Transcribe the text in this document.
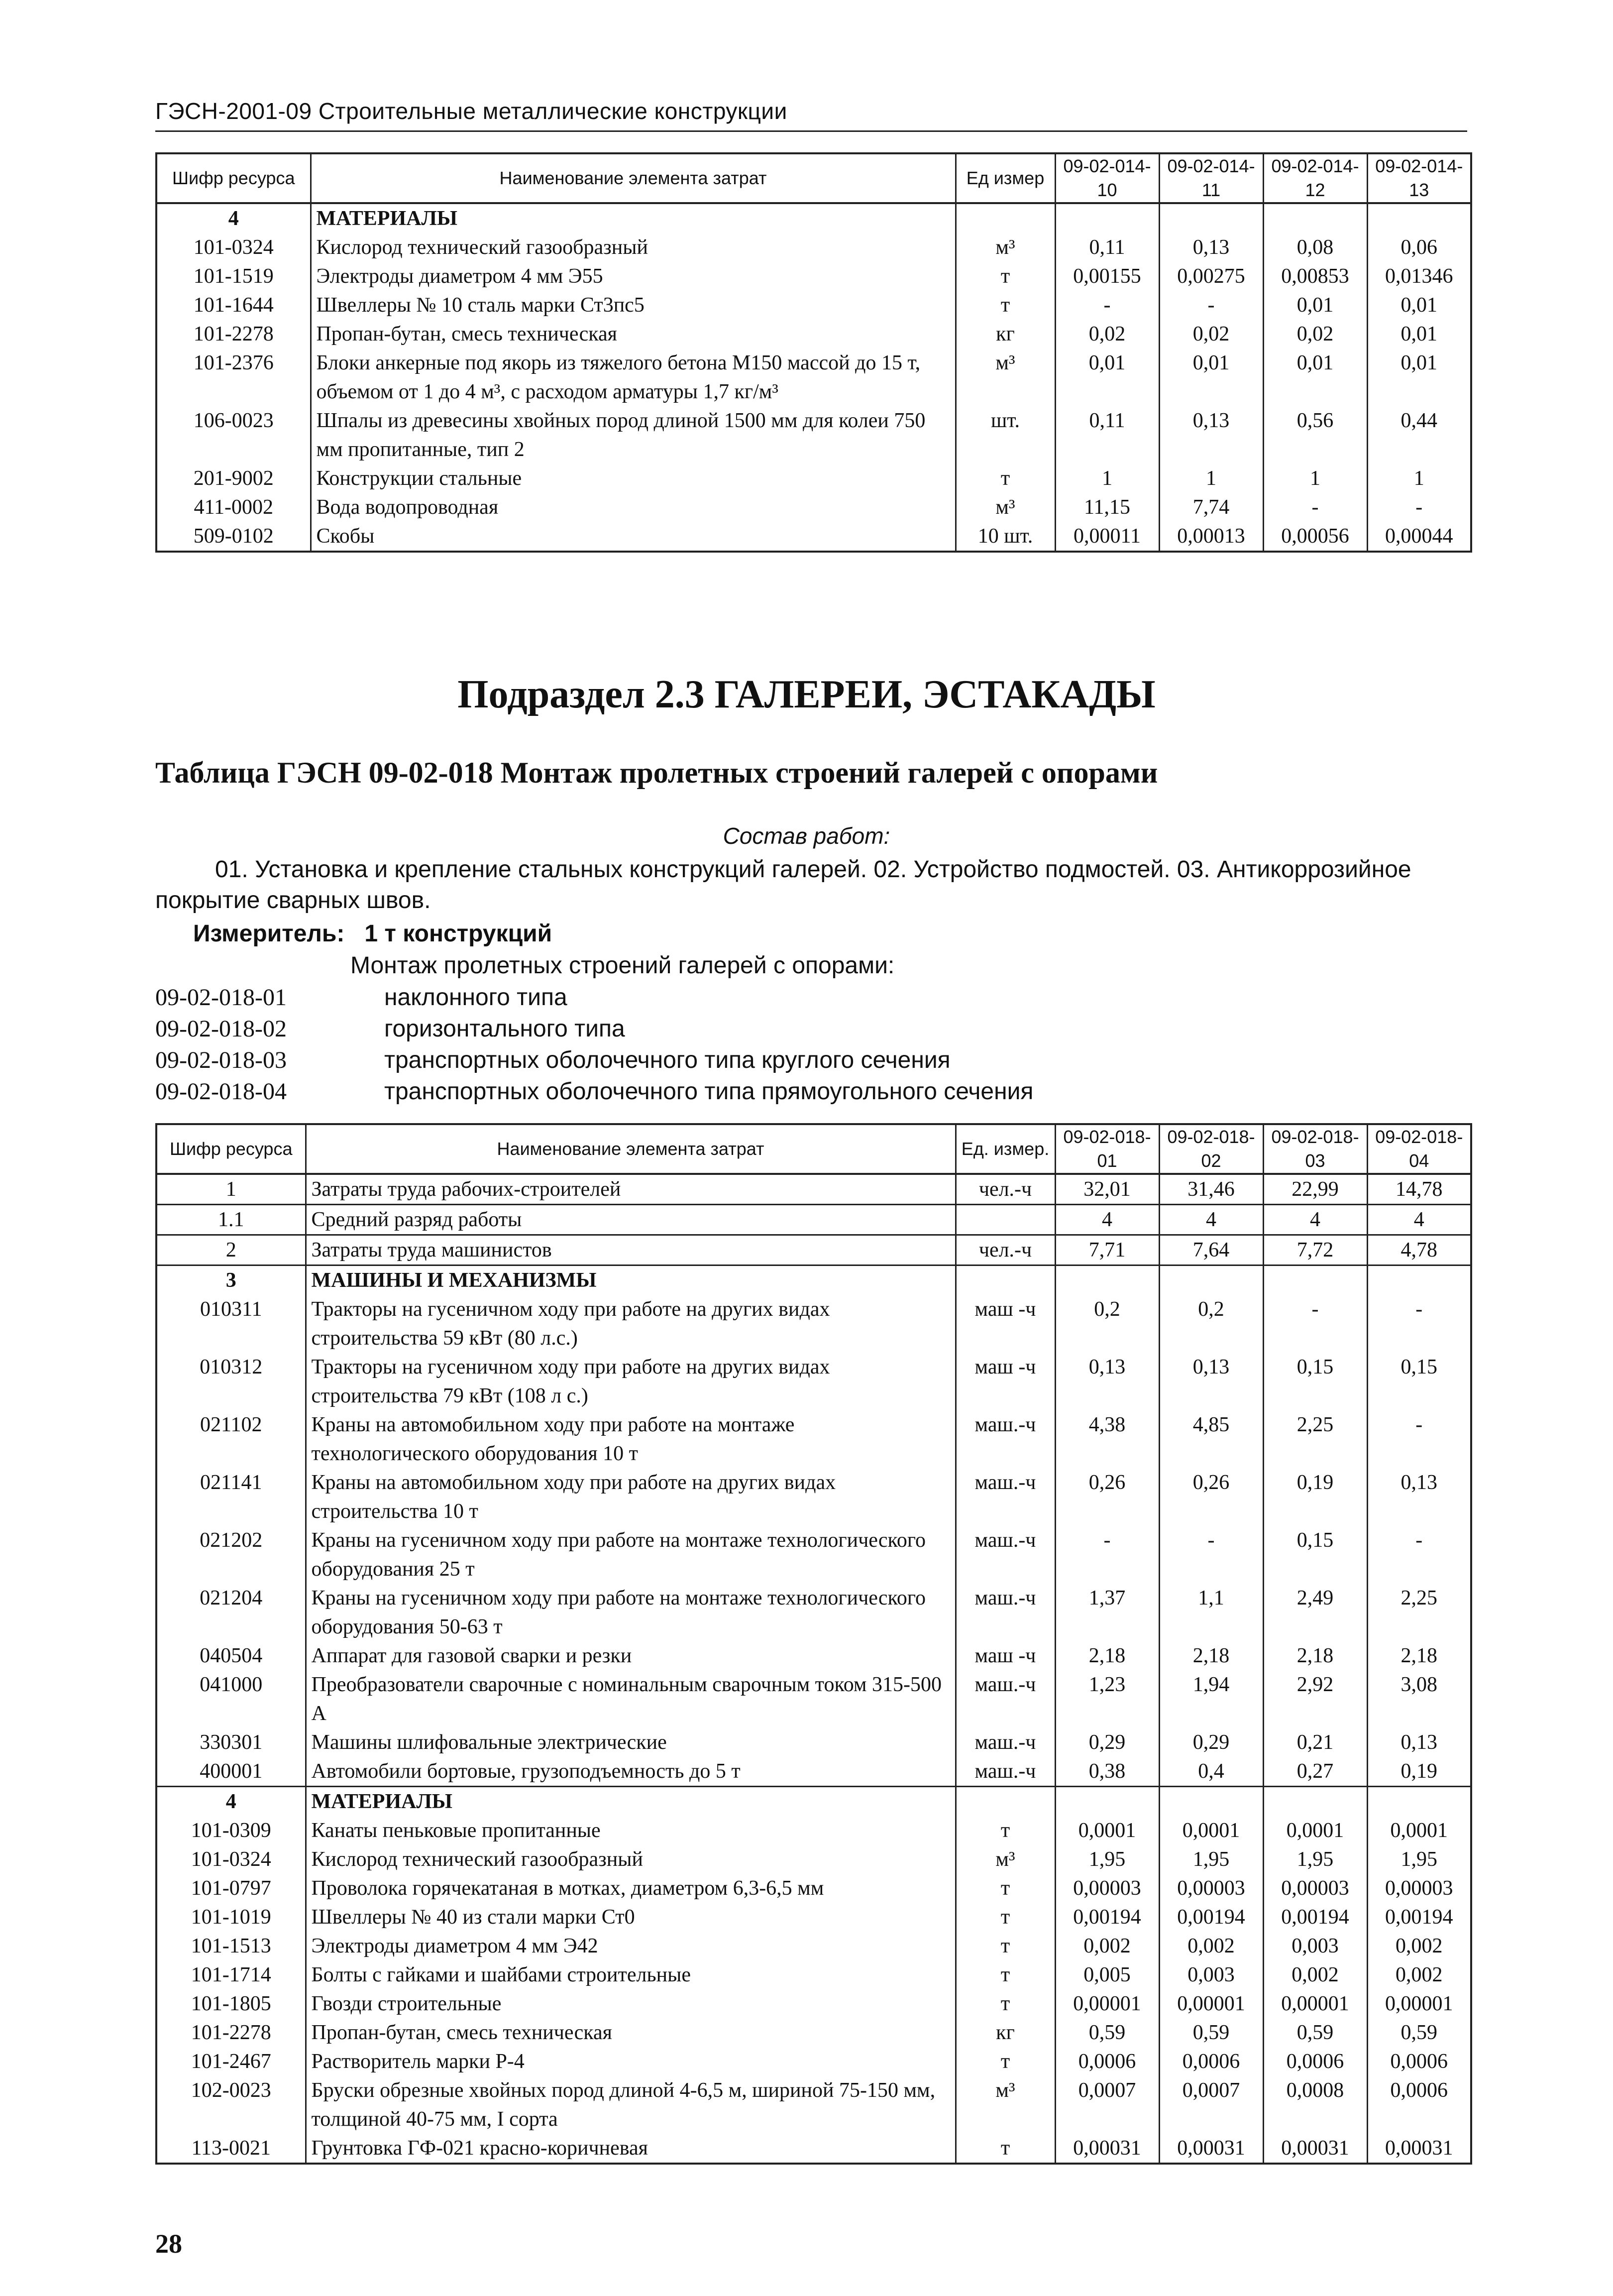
ГЭСН-2001-09 Строительные металлические конструкции
Шифр ресурса	Наименование элемента затрат	Ед измер	09-02-014-10	09-02-014-11	09-02-014-12	09-02-014-13
4	МАТЕРИАЛЫ					
101-0324	Кислород технический газообразный	м³	0,11	0,13	0,08	0,06
101-1519	Электроды диаметром 4 мм Э55	т	0,00155	0,00275	0,00853	0,01346
101-1644	Швеллеры № 10 сталь марки Ст3пс5	т	-	-	0,01	0,01
101-2278	Пропан-бутан, смесь техническая	кг	0,02	0,02	0,02	0,01
101-2376	Блоки анкерные под якорь из тяжелого бетона М150 массой до 15 т, объемом от 1 до 4 м³, с расходом арматуры 1,7 кг/м³	м³	0,01	0,01	0,01	0,01
106-0023	Шпалы из древесины хвойных пород длиной 1500 мм для колеи 750 мм пропитанные, тип 2	шт.	0,11	0,13	0,56	0,44
201-9002	Конструкции стальные	т	1	1	1	1
411-0002	Вода водопроводная	м³	11,15	7,74	-	-
509-0102	Скобы	10 шт.	0,00011	0,00013	0,00056	0,00044
Подраздел 2.3 ГАЛЕРЕИ, ЭСТАКАДЫ
Таблица ГЭСН 09-02-018 Монтаж пролетных строений галерей с опорами
Состав работ:
01. Установка и крепление стальных конструкций галерей. 02. Устройство подмостей. 03. Антикоррозийное покрытие сварных швов.
Измеритель:   1 т конструкций
Монтаж пролетных строений галерей с опорами:
09-02-018-01	наклонного типа
09-02-018-02	горизонтального типа
09-02-018-03	транспортных оболочечного типа круглого сечения
09-02-018-04	транспортных оболочечного типа прямоугольного сечения
Шифр ресурса	Наименование элемента затрат	Ед. измер.	09-02-018-01	09-02-018-02	09-02-018-03	09-02-018-04
1	Затраты труда рабочих-строителей	чел.-ч	32,01	31,46	22,99	14,78
1.1	Средний разряд работы		4	4	4	4
2	Затраты труда машинистов	чел.-ч	7,71	7,64	7,72	4,78
3	МАШИНЫ И МЕХАНИЗМЫ					
010311	Тракторы на гусеничном ходу при работе на других видах строительства 59 кВт (80 л.с.)	маш -ч	0,2	0,2	-	-
010312	Тракторы на гусеничном ходу при работе на других видах строительства 79 кВт (108 л с.)	маш -ч	0,13	0,13	0,15	0,15
021102	Краны на автомобильном ходу при работе на монтаже технологического оборудования 10 т	маш.-ч	4,38	4,85	2,25	-
021141	Краны на автомобильном ходу при работе на других видах строительства 10 т	маш.-ч	0,26	0,26	0,19	0,13
021202	Краны на гусеничном ходу при работе на монтаже технологического оборудования 25 т	маш.-ч	-	-	0,15	-
021204	Краны на гусеничном ходу при работе на монтаже технологического оборудования 50-63 т	маш.-ч	1,37	1,1	2,49	2,25
040504	Аппарат для газовой сварки и резки	маш -ч	2,18	2,18	2,18	2,18
041000	Преобразователи сварочные с номинальным сварочным током 315-500 А	маш.-ч	1,23	1,94	2,92	3,08
330301	Машины шлифовальные электрические	маш.-ч	0,29	0,29	0,21	0,13
400001	Автомобили бортовые, грузоподъемность до 5 т	маш.-ч	0,38	0,4	0,27	0,19
4	МАТЕРИАЛЫ					
101-0309	Канаты пеньковые пропитанные	т	0,0001	0,0001	0,0001	0,0001
101-0324	Кислород технический газообразный	м³	1,95	1,95	1,95	1,95
101-0797	Проволока горячекатаная в мотках, диаметром 6,3-6,5 мм	т	0,00003	0,00003	0,00003	0,00003
101-1019	Швеллеры № 40 из стали марки Ст0	т	0,00194	0,00194	0,00194	0,00194
101-1513	Электроды диаметром 4 мм Э42	т	0,002	0,002	0,003	0,002
101-1714	Болты с гайками и шайбами строительные	т	0,005	0,003	0,002	0,002
101-1805	Гвозди строительные	т	0,00001	0,00001	0,00001	0,00001
101-2278	Пропан-бутан, смесь техническая	кг	0,59	0,59	0,59	0,59
101-2467	Растворитель марки Р-4	т	0,0006	0,0006	0,0006	0,0006
102-0023	Бруски обрезные хвойных пород длиной 4-6,5 м, шириной 75-150 мм, толщиной 40-75 мм, I сорта	м³	0,0007	0,0007	0,0008	0,0006
113-0021	Грунтовка ГФ-021 красно-коричневая	т	0,00031	0,00031	0,00031	0,00031
28
